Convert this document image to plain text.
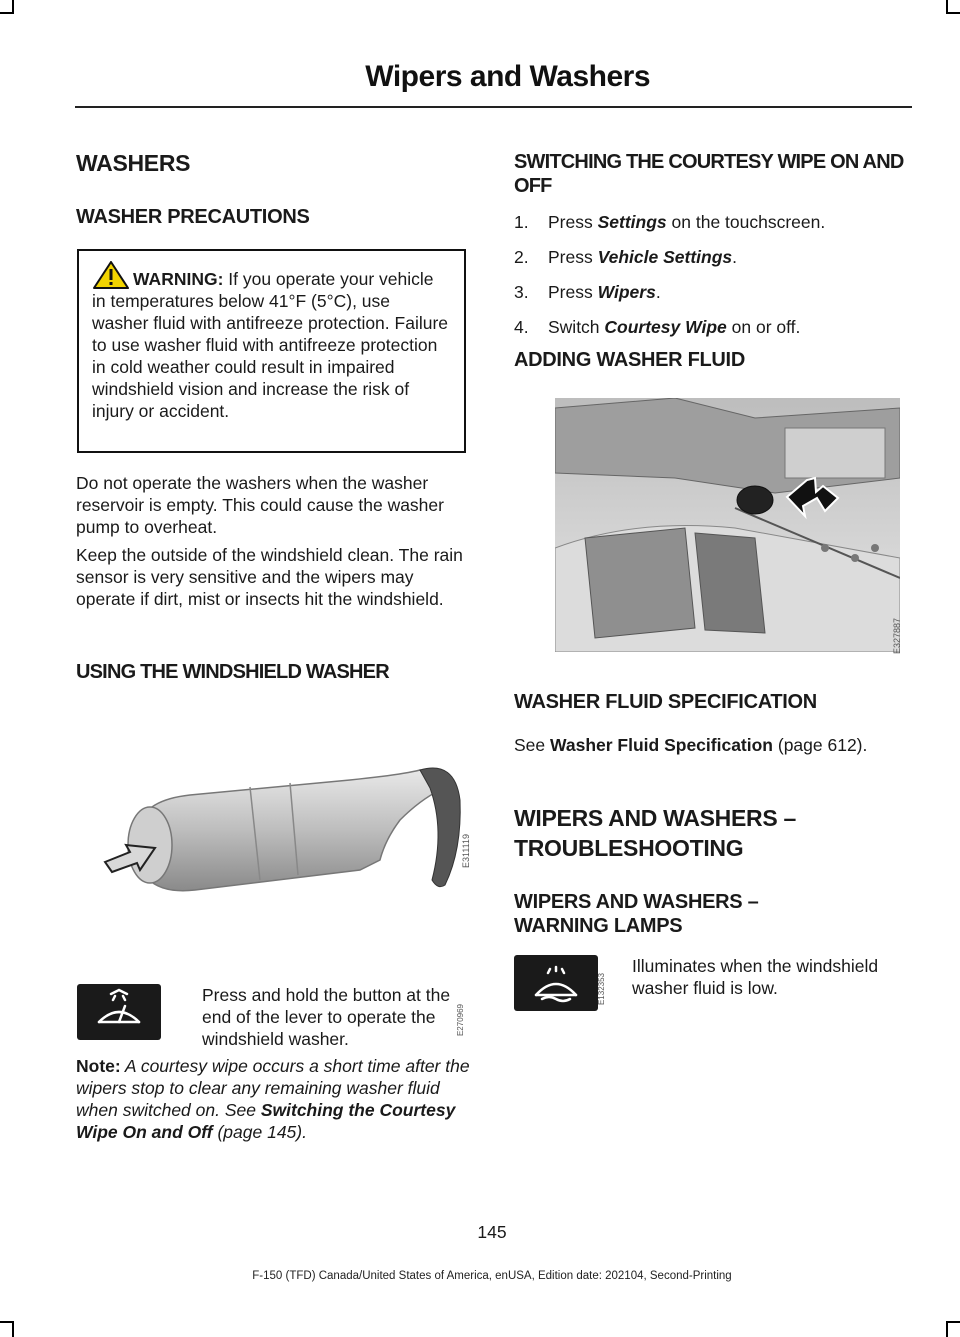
Wipers and Washers
WASHERS
WASHER PRECAUTIONS
WARNING: If you operate your vehicle in temperatures below 41°F (5°C), use washer fluid with antifreeze protection. Failure to use washer fluid with antifreeze protection in cold weather could result in impaired windshield vision and increase the risk of injury or accident.

Do not operate the washers when the washer reservoir is empty. This could cause the washer pump to overheat.

Keep the outside of the windshield clean. The rain sensor is very sensitive and the wipers may operate if dirt, mist or insects hit the windshield.

USING THE WINDSHIELD WASHER
E311119
E270969

Press and hold the button at the end of the lever to operate the windshield washer.

Note: A courtesy wipe occurs a short time after the wipers stop to clear any remaining washer fluid when switched on. See Switching the Courtesy Wipe On and Off (page 145).

SWITCHING THE COURTESY WIPE ON AND OFF
1. Press Settings on the touchscreen.
2. Press Vehicle Settings.
3. Press Wipers.
4. Switch Courtesy Wipe on or off.
ADDING WASHER FLUID
E327887
WASHER FLUID SPECIFICATION

See Washer Fluid Specification (page 612).

WIPERS AND WASHERS –
TROUBLESHOOTING
WIPERS AND WASHERS – WARNING LAMPS
E132353

Illuminates when the windshield washer fluid is low.

145
F-150 (TFD) Canada/United States of America, enUSA, Edition date: 202104, Second-Printing
